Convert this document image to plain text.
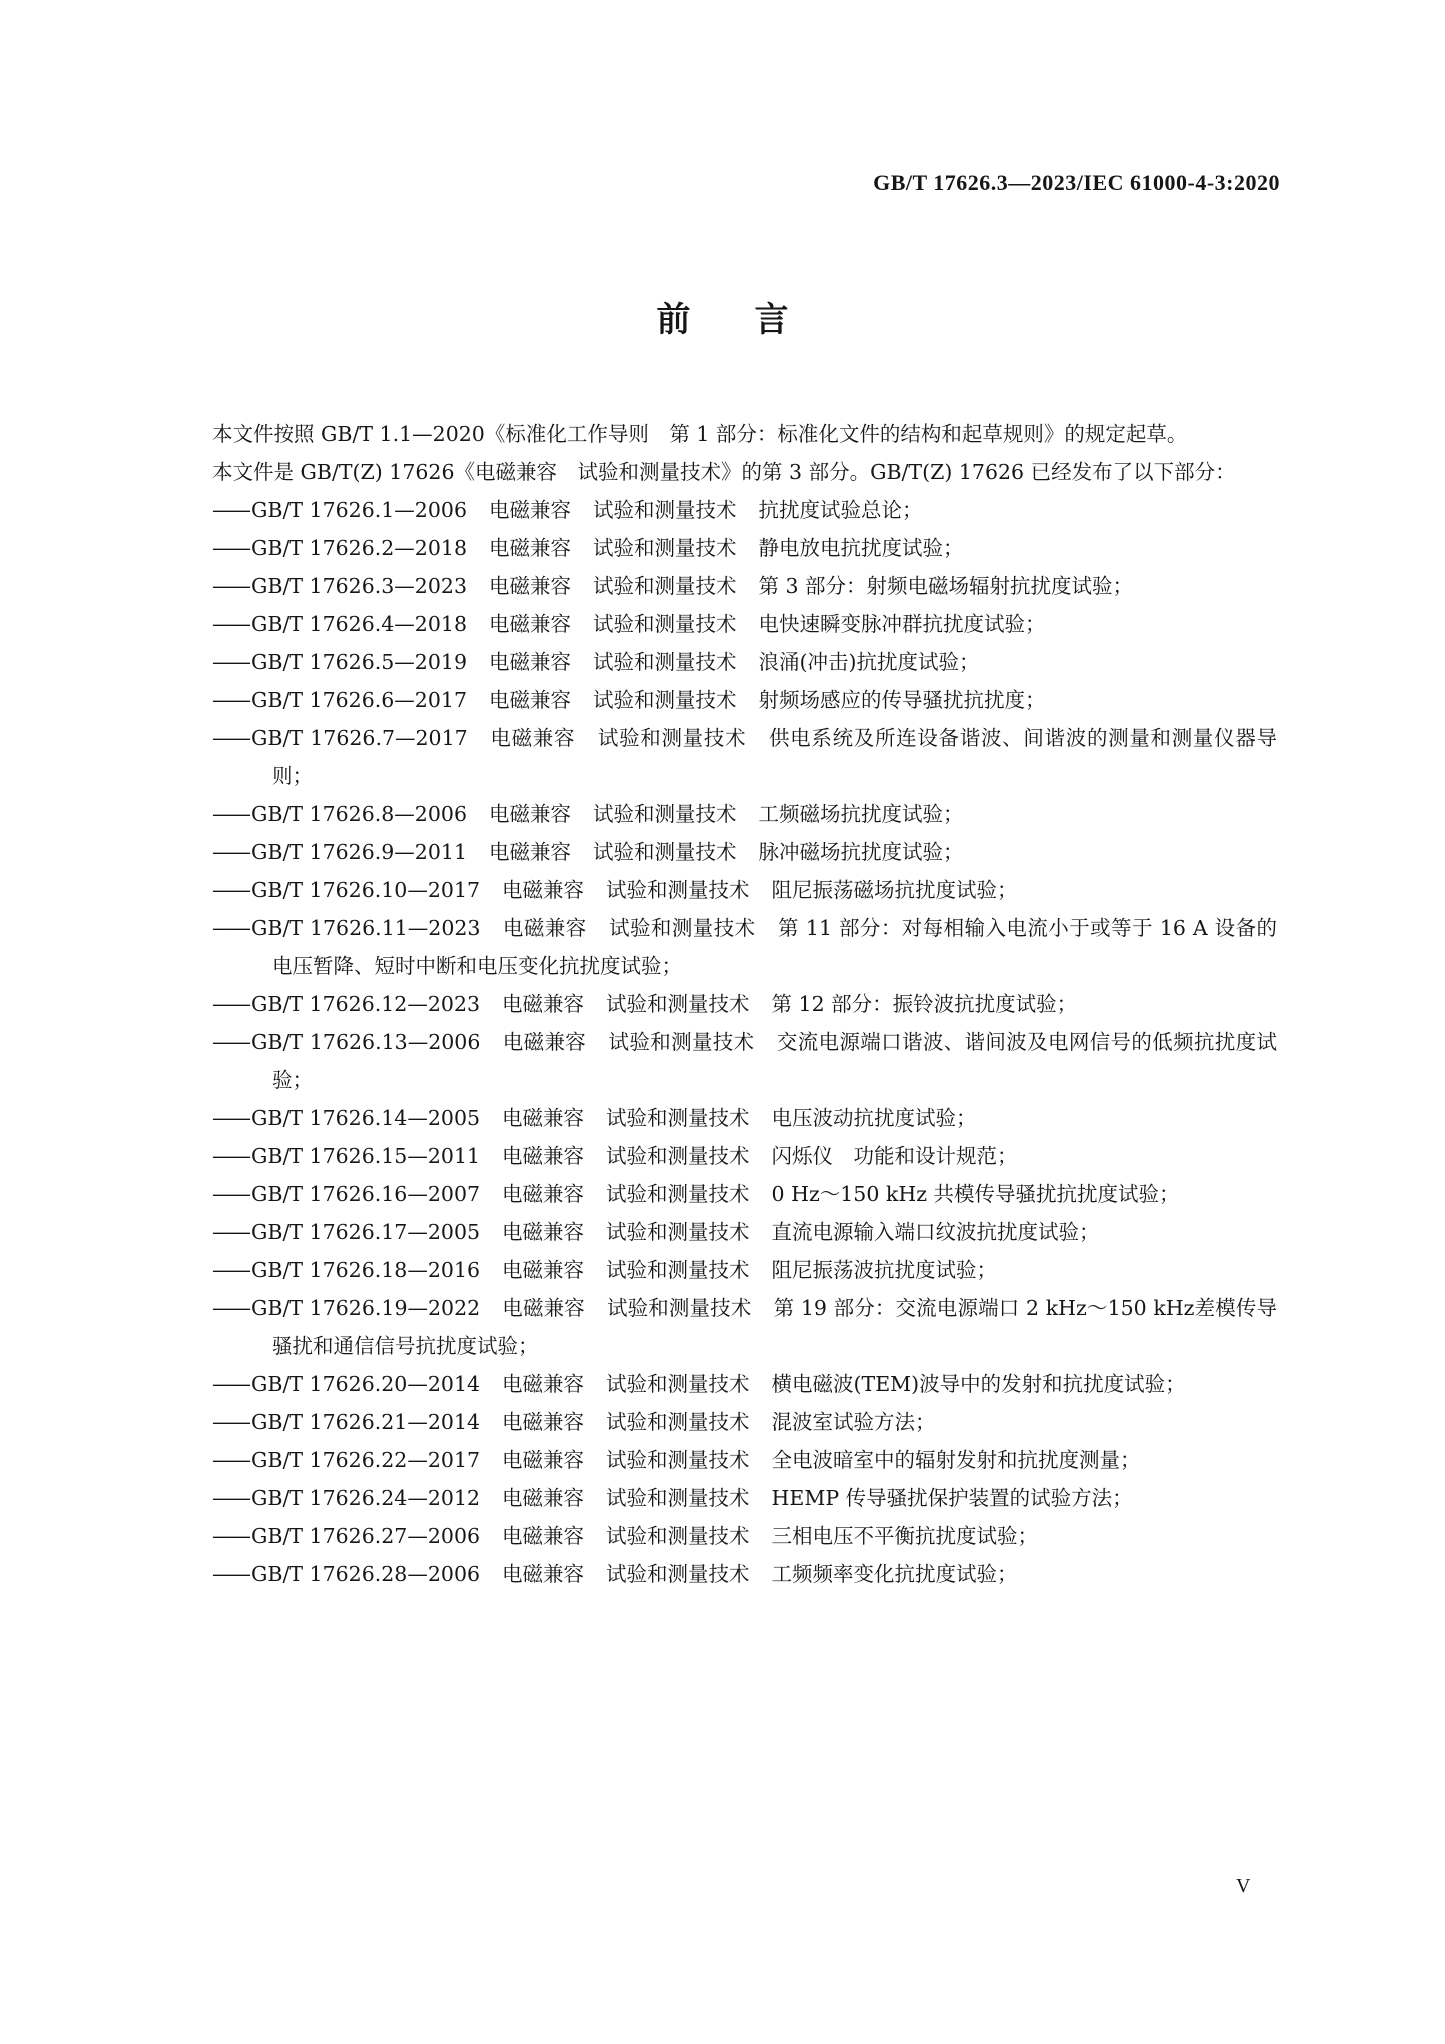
GB/T 17626.3—2023/IEC 61000-4-3:2020
前言

本文件按照 GB/T 1.1—2020《标准化工作导则　第 1 部分：标准化文件的结构和起草规则》的规定起草。

本文件是 GB/T(Z) 17626《电磁兼容　试验和测量技术》的第 3 部分。GB/T(Z) 17626 已经发布了以下部分：

——GB/T 17626.1—2006 电磁兼容 试验和测量技术 抗扰度试验总论；
——GB/T 17626.2—2018 电磁兼容 试验和测量技术 静电放电抗扰度试验；
——GB/T 17626.3—2023 电磁兼容 试验和测量技术 第 3 部分：射频电磁场辐射抗扰度试验；
——GB/T 17626.4—2018 电磁兼容 试验和测量技术 电快速瞬变脉冲群抗扰度试验；
——GB/T 17626.5—2019 电磁兼容 试验和测量技术 浪涌(冲击)抗扰度试验；
——GB/T 17626.6—2017 电磁兼容 试验和测量技术 射频场感应的传导骚扰抗扰度；
——GB/T 17626.7—2017 电磁兼容 试验和测量技术 供电系统及所连设备谐波、间谐波的测量和测量仪器导则；
——GB/T 17626.8—2006 电磁兼容 试验和测量技术 工频磁场抗扰度试验；
——GB/T 17626.9—2011 电磁兼容 试验和测量技术 脉冲磁场抗扰度试验；
——GB/T 17626.10—2017 电磁兼容 试验和测量技术 阻尼振荡磁场抗扰度试验；
——GB/T 17626.11—2023 电磁兼容 试验和测量技术 第 11 部分：对每相输入电流小于或等于 16 A 设备的电压暂降、短时中断和电压变化抗扰度试验；
——GB/T 17626.12—2023 电磁兼容 试验和测量技术 第 12 部分：振铃波抗扰度试验；
——GB/T 17626.13—2006 电磁兼容 试验和测量技术 交流电源端口谐波、谐间波及电网信号的低频抗扰度试验；
——GB/T 17626.14—2005 电磁兼容 试验和测量技术 电压波动抗扰度试验；
——GB/T 17626.15—2011 电磁兼容 试验和测量技术 闪烁仪　功能和设计规范；
——GB/T 17626.16—2007 电磁兼容 试验和测量技术 0 Hz～150 kHz 共模传导骚扰抗扰度试验；
——GB/T 17626.17—2005 电磁兼容 试验和测量技术 直流电源输入端口纹波抗扰度试验；
——GB/T 17626.18—2016 电磁兼容 试验和测量技术 阻尼振荡波抗扰度试验；
——GB/T 17626.19—2022 电磁兼容 试验和测量技术 第 19 部分：交流电源端口 2 kHz～150 kHz差模传导骚扰和通信信号抗扰度试验；
——GB/T 17626.20—2014 电磁兼容 试验和测量技术 横电磁波(TEM)波导中的发射和抗扰度试验；
——GB/T 17626.21—2014 电磁兼容 试验和测量技术 混波室试验方法；
——GB/T 17626.22—2017 电磁兼容 试验和测量技术 全电波暗室中的辐射发射和抗扰度测量；
——GB/T 17626.24—2012 电磁兼容 试验和测量技术 HEMP 传导骚扰保护装置的试验方法；
——GB/T 17626.27—2006 电磁兼容 试验和测量技术 三相电压不平衡抗扰度试验；
——GB/T 17626.28—2006 电磁兼容 试验和测量技术 工频频率变化抗扰度试验；
V
